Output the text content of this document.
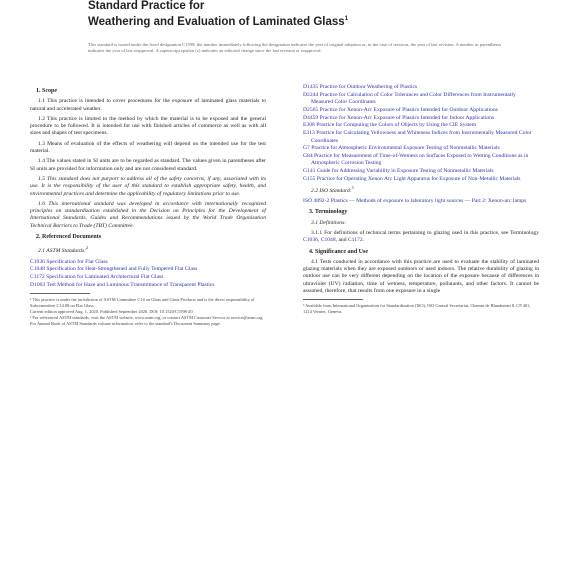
Standard Practice for
Weathering and Evaluation of Laminated Glass$^1$
This standard is issued under the fixed designation C1598; the number immediately following the designation indicates the year of original adoption or, in the case of revision, the year of last revision. A number in parentheses indicates the year of last reapproval. A superscript epsilon (ε) indicates an editorial change since the last revision or reapproval.
1. Scope
1.1 This practice is intended to cover procedures for the exposure of laminated glass materials to natural and accelerated weather.
1.2 This practice is limited to the method by which the material is to be exposed and the general procedure to be followed. It is intended for use with finished articles of commerce as well as with all sizes and shapes of test specimens.
1.3 Means of evaluation of the effects of weathering will depend on the intended use for the test material.
1.4 The values stated in SI units are to be regarded as standard. The values given in parentheses after SI units are provided for information only and are not considered standard.
1.5 This standard does not purport to address all of the safety concerns, if any, associated with its use. It is the responsibility of the user of this standard to establish appropriate safety, health, and environmental practices and determine the applicability of regulatory limitations prior to use.
1.6 This international standard was developed in accordance with internationally recognized principles on standardization established in the Decision on Principles for the Development of International Standards, Guides and Recommendations issued by the World Trade Organization Technical Barriers to Trade (TBT) Committee.
2. Referenced Documents
2.1 ASTM Standards:$^2$
C1036 Specification for Flat Glass
C1048 Specification for Heat-Strengthened and Fully Tempered Flat Glass
C1172 Specification for Laminated Architectural Flat Glass
D1003 Test Method for Haze and Luminous Transmittance of Transparent Plastics
¹ This practice is under the jurisdiction of ASTM Committee C14 on Glass and Glass Products and is the direct responsibility of Subcommittee C14.08 on Flat Glass.
Current edition approved Aug. 1, 2020. Published September 2020. DOI: 10.1520/C1598-20.
² For referenced ASTM standards, visit the ASTM website, www.astm.org, or contact ASTM Customer Service at service@astm.org. For Annual Book of ASTM Standards volume information, refer to the standard's Document Summary page.
D1435 Practice for Outdoor Weathering of Plastics
D2244 Practice for Calculation of Color Tolerances and Color Differences from Instrumentally Measured Color Coordinates
D2565 Practice for Xenon-Arc Exposure of Plastics Intended for Outdoor Applications
D4459 Practice for Xenon-Arc Exposure of Plastics Intended for Indoor Applications
E308 Practice for Computing the Colors of Objects by Using the CIE System
E313 Practice for Calculating Yellowness and Whiteness Indices from Instrumentally Measured Color Coordinates
G7 Practice for Atmospheric Environmental Exposure Testing of Nonmetallic Materials
G84 Practice for Measurement of Time-of-Wetness on Surfaces Exposed to Wetting Conditions as in Atmospheric Corrosion Testing
G141 Guide for Addressing Variability in Exposure Testing of Nonmetallic Materials
G155 Practice for Operating Xenon Arc Light Apparatus for Exposure of Non-Metallic Materials
2.2 ISO Standard:$^3$
ISO 4892-2 Plastics — Methods of exposure to laboratory light sources — Part 2: Xenon-arc lamps
3. Terminology
3.1 Definitions:
3.1.1 For definitions of technical terms pertaining to glazing used in this practice, see Terminology C1036, C1048, and C1172.
4. Significance and Use
4.1 Tests conducted in accordance with this practice are used to evaluate the stability of laminated glazing materials when they are exposed outdoors or used indoors. The relative durability of glazing in outdoor use can be very different depending on the location of the exposure because of differences in ultraviolet (UV) radiation, time of wetness, temperature, pollutants, and other factors. It cannot be assumed, therefore, that results from one exposure in a single
³ Available from International Organization for Standardization (ISO), ISO Central Secretariat, Chemin de Blandonnet 8, CP 401, 1214 Vernier, Geneva.
